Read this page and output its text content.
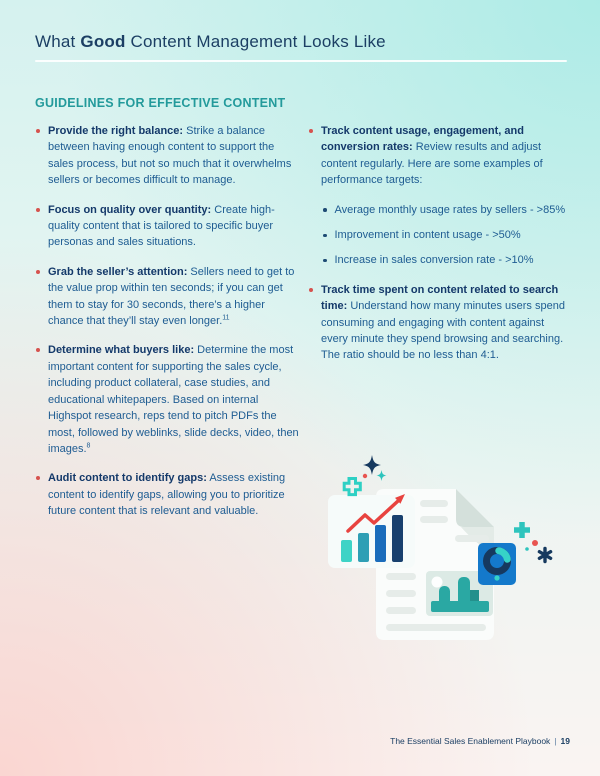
What Good Content Management Looks Like
GUIDELINES FOR EFFECTIVE CONTENT

Provide the right balance: Strike a balance between having enough content to support the sales process, but not so much that it overwhelms sellers or becomes difficult to manage.

Focus on quality over quantity: Create high-quality content that is tailored to specific buyer personas and sales situations.

Grab the seller’s attention: Sellers need to get to the value prop within ten seconds; if you can get them to stay for 30 seconds, there’s a higher chance that they’ll stay even longer.$^{11}$

Determine what buyers like: Determine the most important content for supporting the sales cycle, including product collateral, case studies, and educational whitepapers. Based on internal Highspot research, reps tend to pitch PDFs the most, followed by weblinks, slide decks, video, then images.$^8$

Audit content to identify gaps: Assess existing content to identify gaps, allowing you to prioritize future content that is relevant and valuable.

Track content usage, engagement, and conversion rates: Review results and adjust content regularly. Here are some examples of performance targets:

Average monthly usage rates by sellers - >85%
Improvement in content usage - >50%
Increase in sales conversion rate - >10%

Track time spent on content related to search time: Understand how many minutes users spend consuming and engaging with content against every minute they spend browsing and searching. The ratio should be no less than 4:1.

The Essential Sales Enablement Playbook | 19
